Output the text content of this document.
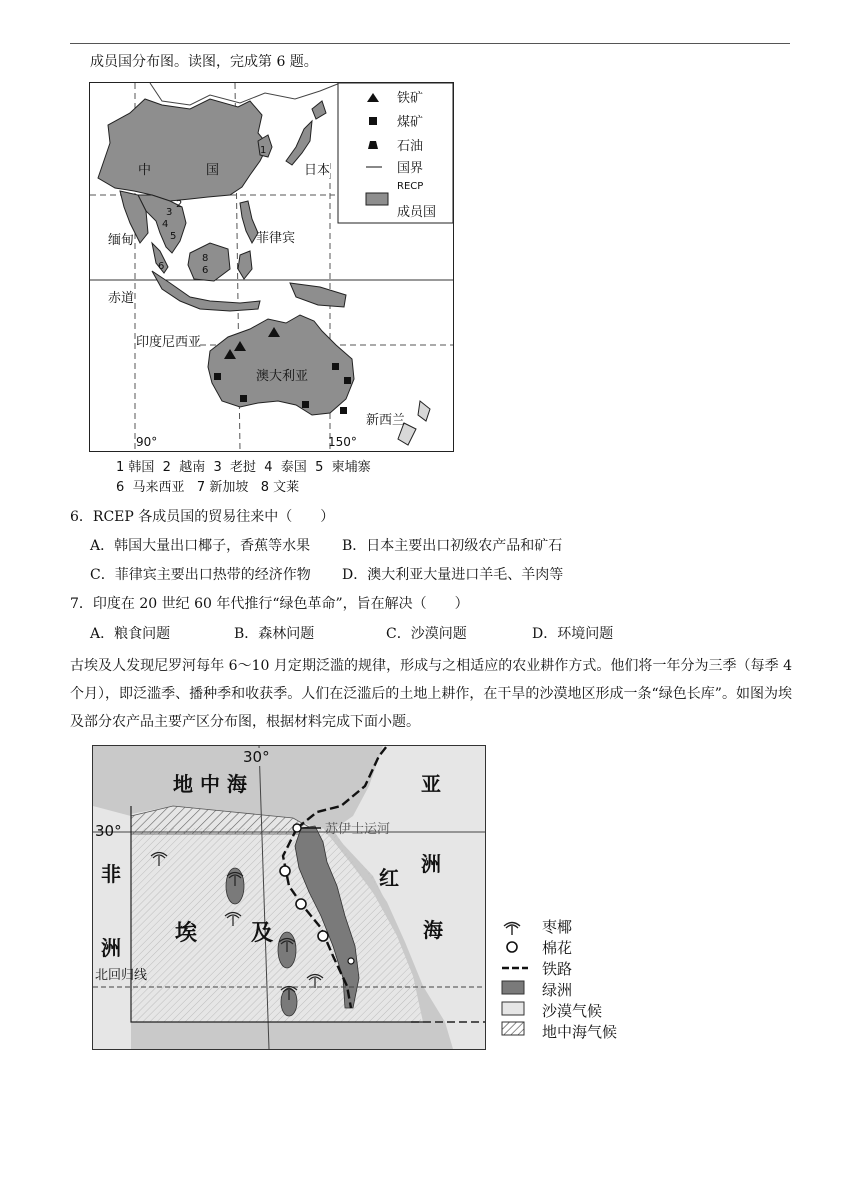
成员国分布图。读图，完成第 6 题。
铁矿
煤矿
石油
国界
RECP
成员国
中	国	日本
缅甸	菲律宾
赤道
印度尼西亚
澳大利亚
新西兰
90°	150°
1
2
3
4
5
6	6
8
1 韩国  2  越南  3  老挝  4  泰国  5  柬埔寨
6  马来西亚   7 新加坡   8 文莱
6．RCEP 各成员国的贸易往来中（　　）
A．韩国大量出口椰子，香蕉等水果 B．日本主要出口初级农产品和矿石
C．菲律宾主要出口热带的经济作物 D．澳大利亚大量进口羊毛、羊肉等
7．印度在 20 世纪 60 年代推行“绿色革命”，旨在解决（　　）
A．粮食问题	B．森林问题	C．沙漠问题	D．环境问题
古埃及人发现尼罗河每年 6～10 月定期泛滥的规律，形成与之相适应的农业耕作方式。他们将一年分为三季（每季 4 个月），即泛滥季、播种季和收获季。人们在泛滥后的土地上耕作，在干旱的沙漠地区形成一条“绿色长库”。如图为埃及部分农产品主要产区分布图，根据材料完成下面小题。
30°
地 中 海	亚
洲
30°	苏伊士运河
非
洲
埃 及
红
海
北回归线
枣椰
棉花
铁路
绿洲
沙漠气候
地中海气候
